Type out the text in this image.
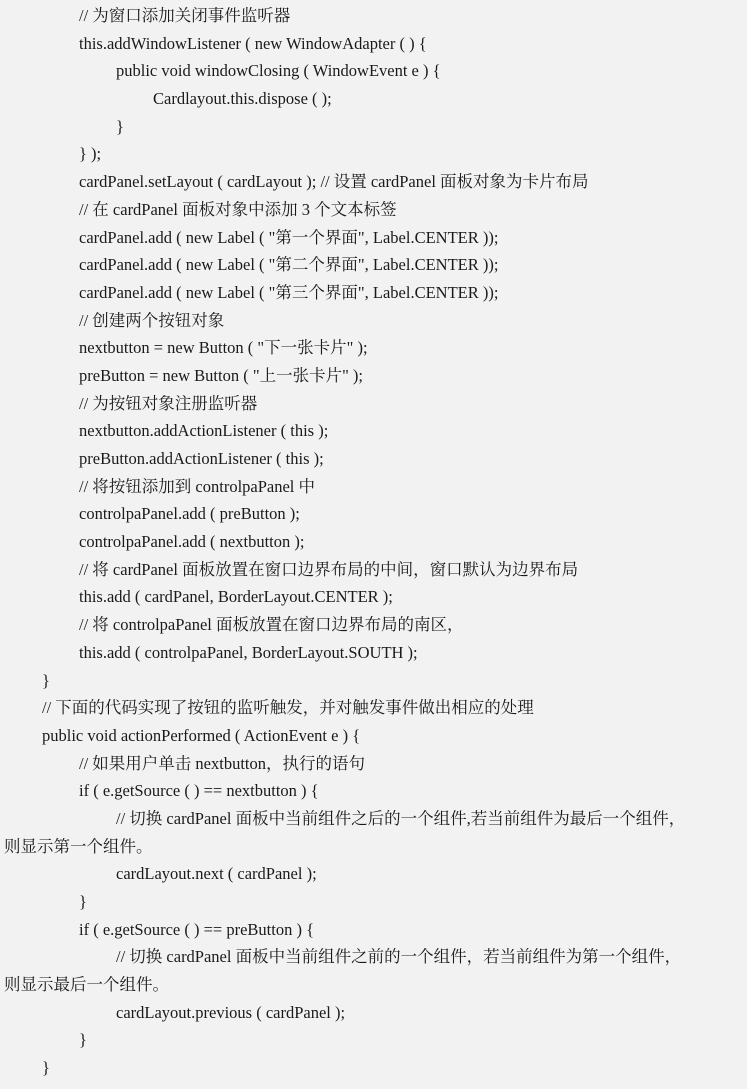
// 为窗口添加关闭事件监听器
this.addWindowListener ( new WindowAdapter ( ) {
public void windowClosing ( WindowEvent e ) {
Cardlayout.this.dispose ( );
}
} );
cardPanel.setLayout ( cardLayout ); // 设置 cardPanel 面板对象为卡片布局
// 在 cardPanel 面板对象中添加 3 个文本标签
cardPanel.add ( new Label ( "第一个界面", Label.CENTER ));
cardPanel.add ( new Label ( "第二个界面", Label.CENTER ));
cardPanel.add ( new Label ( "第三个界面", Label.CENTER ));
// 创建两个按钮对象
nextbutton = new Button ( "下一张卡片" );
preButton = new Button ( "上一张卡片" );
// 为按钮对象注册监听器
nextbutton.addActionListener ( this );
preButton.addActionListener ( this );
// 将按钮添加到 controlpaPanel 中
controlpaPanel.add ( preButton );
controlpaPanel.add ( nextbutton );
// 将 cardPanel 面板放置在窗口边界布局的中间，窗口默认为边界布局
this.add ( cardPanel, BorderLayout.CENTER );
// 将 controlpaPanel 面板放置在窗口边界布局的南区，
this.add ( controlpaPanel, BorderLayout.SOUTH );
}
// 下面的代码实现了按钮的监听触发，并对触发事件做出相应的处理
public void actionPerformed ( ActionEvent e ) {
// 如果用户单击 nextbutton，执行的语句
if ( e.getSource ( ) == nextbutton ) {
// 切换 cardPanel 面板中当前组件之后的一个组件,若当前组件为最后一个组件，
则显示第一个组件。
cardLayout.next ( cardPanel );
}
if ( e.getSource ( ) == preButton ) {
// 切换 cardPanel 面板中当前组件之前的一个组件，若当前组件为第一个组件，
则显示最后一个组件。
cardLayout.previous ( cardPanel );
}
}
